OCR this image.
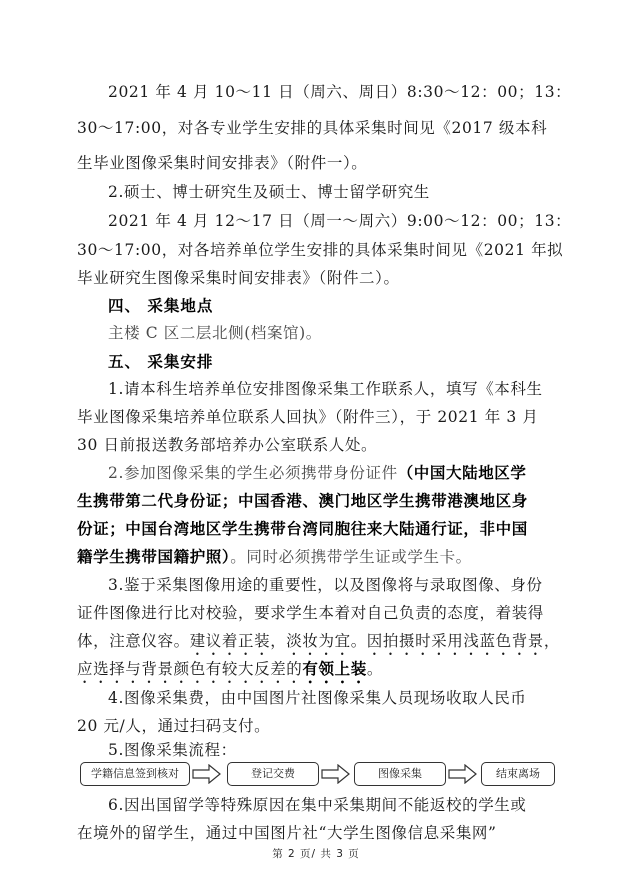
2021 年 4 月 10～11 日（周六、周日）8:30～12：00；13：
30～17:00，对各专业学生安排的具体采集时间见《2017 级本科
生毕业图像采集时间安排表》（附件一）。
2.硕士、博士研究生及硕士、博士留学研究生
2021 年 4 月 12～17 日（周一～周六）9:00～12：00；13：
30～17:00，对各培养单位学生安排的具体采集时间见《2021 年拟
毕业研究生图像采集时间安排表》（附件二）。
四、 采集地点
主楼 C 区二层北侧(档案馆)。
五、 采集安排
1.请本科生培养单位安排图像采集工作联系人，填写《本科生
毕业图像采集培养单位联系人回执》（附件三），于 2021 年 3 月
30 日前报送教务部培养办公室联系人处。
2.参加图像采集的学生必须携带身份证件（中国大陆地区学
生携带第二代身份证；中国香港、澳门地区学生携带港澳地区身
份证；中国台湾地区学生携带台湾同胞往来大陆通行证，非中国
籍学生携带国籍护照）。同时必须携带学生证或学生卡。
3.鉴于采集图像用途的重要性，以及图像将与录取图像、身份
证件图像进行比对校验，要求学生本着对自己负责的态度，着装得
体，注意仪容。建议着正装，淡妆为宜。因拍摄时采用浅蓝色背景，
应选择与背景颜色有较大反差的有领上装。
4.图像采集费，由中国图片社图像采集人员现场收取人民币
20 元/人，通过扫码支付。
5.图像采集流程：
学籍信息签到核对	登记交费	图像采集	结束离场
6.因出国留学等特殊原因在集中采集期间不能返校的学生或
在境外的留学生，通过中国图片社“大学生图像信息采集网”
第 2 页/ 共 3 页
